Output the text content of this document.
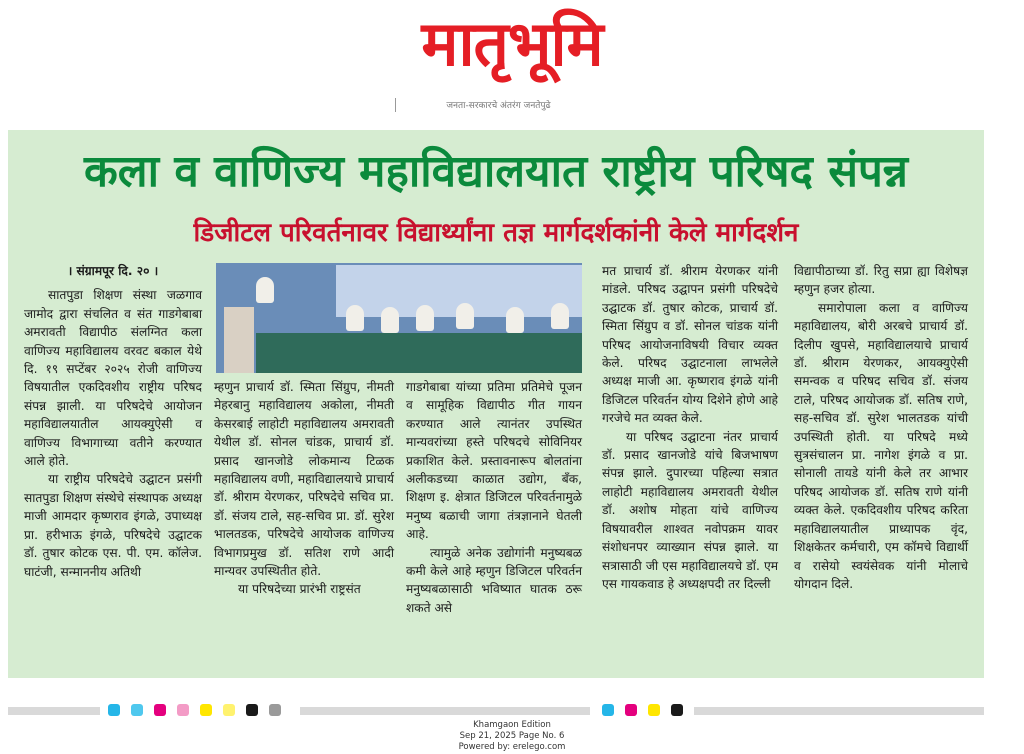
मातृभूमि
जनता-सरकारचे अंतरंग जनतेपुढे
कला व वाणिज्य महाविद्यालयात राष्ट्रीय परिषद संपन्न
डिजीटल परिवर्तनावर विद्यार्थ्यांना तज्ञ मार्गदर्शकांनी केले मार्गदर्शन
। संग्रामपूर दि. २० ।

सातपुडा शिक्षण संस्था जळगाव जामोद द्वारा संचलित व संत गाडगेबाबा अमरावती विद्यापीठ संलग्नित कला वाणिज्य महाविद्यालय वरवट बकाल येथे दि. १९ सप्टेंबर २०२५ रोजी वाणिज्य विषयातील एकदिवशीय राष्ट्रीय परिषद संपन्न झाली. या परिषदेचे आयोजन महाविद्यालयातील आयक्युऐसी व वाणिज्य विभागाच्या वतीने करण्यात आले होते.

या राष्ट्रीय परिषदेचे उद्घाटन प्रसंगी सातपुडा शिक्षण संस्थेचे संस्थापक अध्यक्ष माजी आमदार कृष्णराव इंगळे, उपाध्यक्ष प्रा. हरीभाऊ इंगळे, परिषदेचे उद्घाटक डॉ. तुषार कोटक एस. पी. एम. कॉलेज. घाटंजी, सन्माननीय अतिथी

म्हणुन प्राचार्य डॉ. स्मिता सिंग्रुप, नीमती मेहरबानु महाविद्यालय अकोला, नीमती केसरबाई लाहोटी महाविद्यालय अमरावती येथील डॉ. सोनल चांडक, प्राचार्य डॉ. प्रसाद खानजोडे लोकमान्य टिळक महाविद्यालय वणी, महाविद्यालयाचे प्राचार्य डॉ. श्रीराम येरणकर, परिषदेचे सचिव प्रा. डॉ. संजय टाले, सह-सचिव प्रा. डॉ. सुरेश भालतडक, परिषदेचे आयोजक वाणिज्य विभागप्रमुख डॉ. सतिश राणे आदी मान्यवर उपस्थितीत होते.

या परिषदेच्या प्रारंभी राष्ट्रसंत

गाडगेबाबा यांच्या प्रतिमा प्रतिमेचे पूजन व सामूहिक विद्यापीठ गीत गायन करण्यात आले त्यानंतर उपस्थित मान्यवरांच्या हस्ते परिषदचे सोविनियर प्रकाशित केले. प्रस्तावनारूप बोलतांना अलीकडच्या काळात उद्योग, बँक, शिक्षण इ. क्षेत्रात डिजिटल परिवर्तनामुळे मनुष्य बळाची जागा तंत्रज्ञानाने घेतली आहे.

त्यामुळे अनेक उद्योगांनी मनुष्यबळ कमी केले आहे म्हणुन डिजिटल परिवर्तन मनुष्यबळासाठी भविष्यात घातक ठरू शकते असे

मत प्राचार्य डॉ. श्रीराम येरणकर यांनी मांडले. परिषद उद्घापन प्रसंगी परिषदेचे उद्घाटक डॉ. तुषार कोटक, प्राचार्य डॉ. स्मिता सिंग्रुप व डॉ. सोनल चांडक यांनी परिषद आयोजनाविषयी विचार व्यक्त केले. परिषद उद्घाटनाला लाभलेले अध्यक्ष माजी आ. कृष्णराव इंगळे यांनी डिजिटल परिवर्तन योग्य दिशेने होणे आहे गरजेचे मत व्यक्त केले.

या परिषद उद्घाटना नंतर प्राचार्य डॉ. प्रसाद खानजोडे यांचे बिजभाषण संपन्न झाले. दुपारच्या पहिल्या सत्रात लाहोटी महाविद्यालय अमरावती येथील डॉ. अशोष मोहता यांचे वाणिज्य विषयावरील शाश्वत नवोपक्रम यावर संशोधनपर व्याख्यान संपन्न झाले. या सत्रासाठी जी एस महाविद्यालयचे डॉ. एम एस गायकवाड हे अध्यक्षपदी तर दिल्ली

विद्यापीठाच्या डॉ. रितु सप्रा ह्या विशेषज्ञ म्हणुन हजर होत्या.

समारोपाला कला व वाणिज्य महाविद्यालय, बोरी अरबचे प्राचार्य डॉ. दिलीप खुपसे, महाविद्यालयाचे प्राचार्य डॉ. श्रीराम येरणकर, आयक्युऐसी समन्वक व परिषद सचिव डॉ. संजय टाले, परिषद आयोजक डॉ. सतिष राणे, सह-सचिव डॉ. सुरेश भालतडक यांची उपस्थिती होती. या परिषदे मध्ये सुत्रसंचालन प्रा. नागेश इंगळे व प्रा. सोनाली तायडे यांनी केले तर आभार परिषद आयोजक डॉ. सतिष राणे यांनी व्यक्त केले. एकदिवशीय परिषद करिता महाविद्यालयातील प्राध्यापक वृंद, शिक्षकेतर कर्मचारी, एम कॉमचे विद्यार्थी व रासेयो स्वयंसेवक यांनी मोलाचे योगदान दिले.

Khamgaon Edition
Sep 21, 2025 Page No. 6
Powered by: erelego.com
